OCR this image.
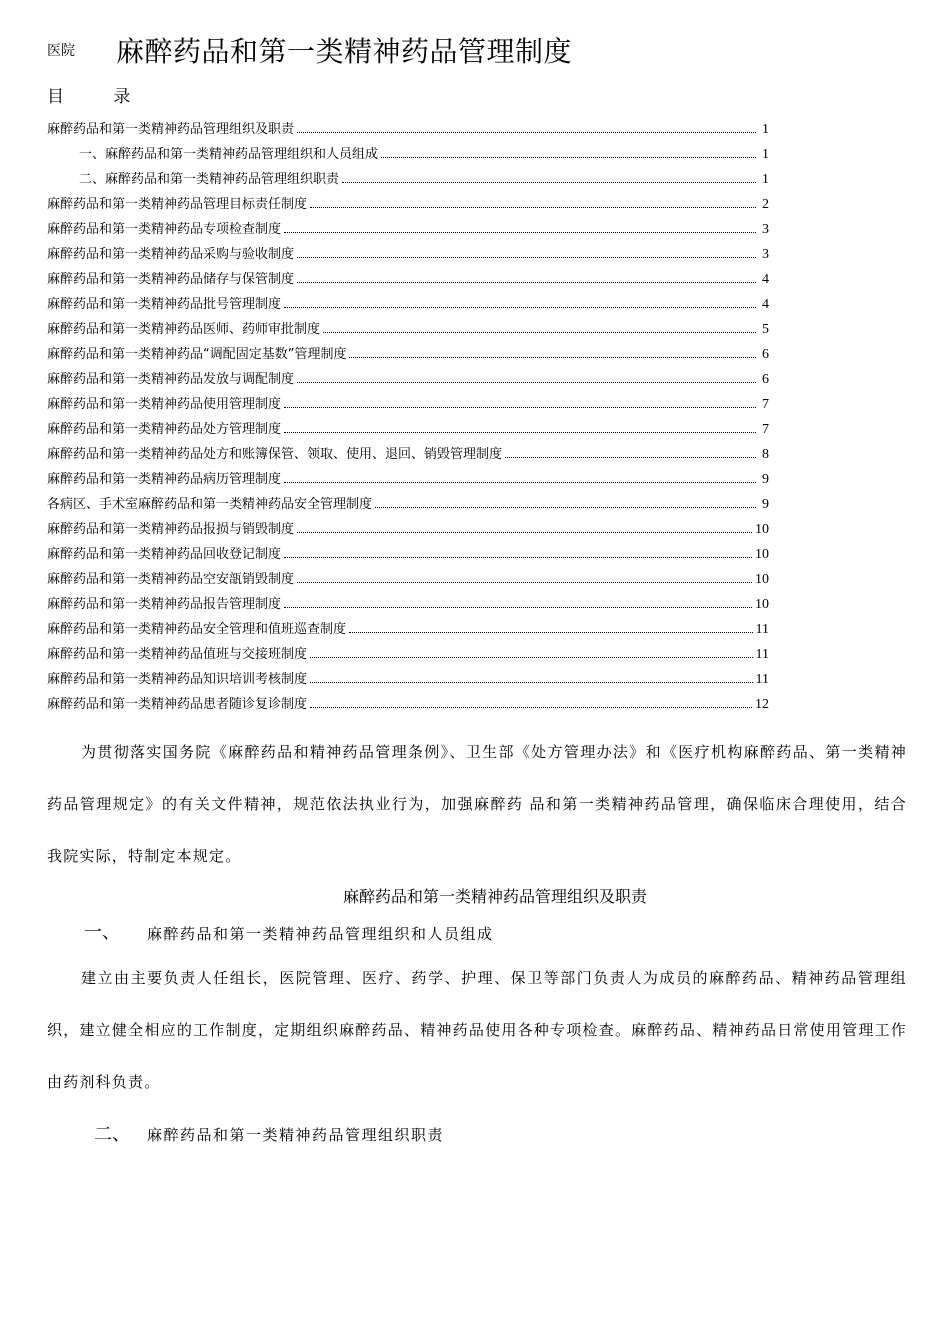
医院 麻醉药品和第一类精神药品管理制度
目 录
麻醉药品和第一类精神药品管理组织及职责	1
一、麻醉药品和第一类精神药品管理组织和人员组成	1
二、麻醉药品和第一类精神药品管理组织职责	1
麻醉药品和第一类精神药品管理目标责任制度	2
麻醉药品和第一类精神药品专项检查制度	3
麻醉药品和第一类精神药品采购与验收制度	3
麻醉药品和第一类精神药品储存与保管制度	4
麻醉药品和第一类精神药品批号管理制度	4
麻醉药品和第一类精神药品医师、药师审批制度	5
麻醉药品和第一类精神药品“调配固定基数”管理制度	6
麻醉药品和第一类精神药品发放与调配制度	6
麻醉药品和第一类精神药品使用管理制度	7
麻醉药品和第一类精神药品处方管理制度	7
麻醉药品和第一类精神药品处方和账簿保管、领取、使用、退回、销毁管理制度	8
麻醉药品和第一类精神药品病历管理制度	9
各病区、手术室麻醉药品和第一类精神药品安全管理制度	9
麻醉药品和第一类精神药品报损与销毁制度	10
麻醉药品和第一类精神药品回收登记制度	10
麻醉药品和第一类精神药品空安瓿销毁制度	10
麻醉药品和第一类精神药品报告管理制度	10
麻醉药品和第一类精神药品安全管理和值班巡查制度	11
麻醉药品和第一类精神药品值班与交接班制度	11
麻醉药品和第一类精神药品知识培训考核制度	11
麻醉药品和第一类精神药品患者随诊复诊制度	12
为贯彻落实国务院《麻醉药品和精神药品管理条例》、卫生部《处方管理办法》和《医疗机构麻醉药品、第一类精神药品管理规定》的有关文件精神，规范依法执业行为，加强麻醉药 品和第一类精神药品管理，确保临床合理使用，结合我院实际，特制定本规定。
麻醉药品和第一类精神药品管理组织及职责
一、 麻醉药品和第一类精神药品管理组织和人员组成
建立由主要负责人任组长，医院管理、医疗、药学、护理、保卫等部门负责人为成员的麻醉药品、精神药品管理组织，建立健全相应的工作制度，定期组织麻醉药品、精神药品使用各种专项检查。麻醉药品、精神药品日常使用管理工作由药剂科负责。
二、 麻醉药品和第一类精神药品管理组织职责
